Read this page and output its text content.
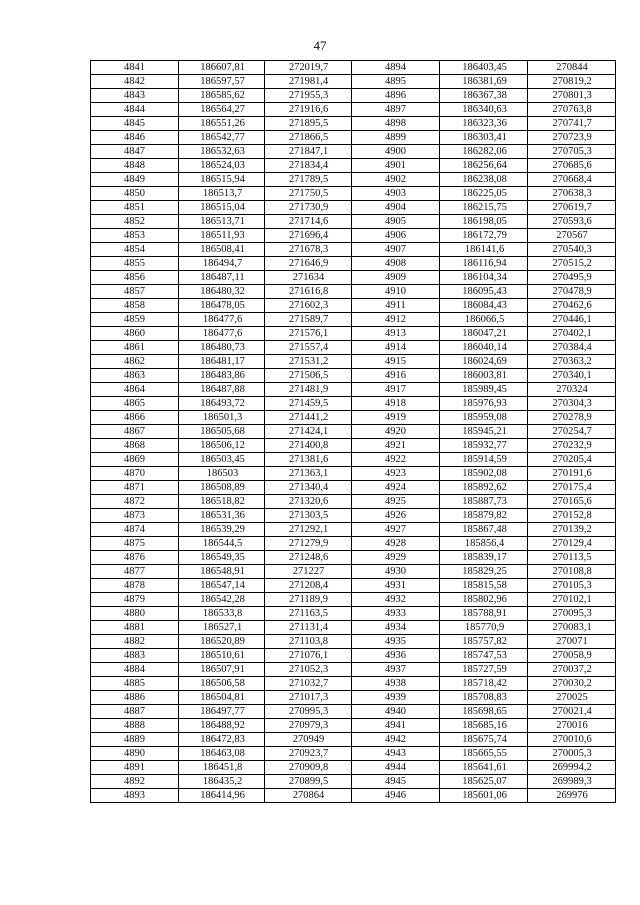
47
4841	186607,81	272019,7	4894	186403,45	270844
4842	186597,57	271981,4	4895	186381,69	270819,2
4843	186585,62	271955,3	4896	186367,38	270801,3
4844	186564,27	271916,6	4897	186340,63	270763,8
4845	186551,26	271895,5	4898	186323,36	270741,7
4846	186542,77	271866,5	4899	186303,41	270723,9
4847	186532,63	271847,1	4900	186282,06	270705,3
4848	186524,03	271834,4	4901	186256,64	270685,6
4849	186515,94	271789,5	4902	186238,08	270668,4
4850	186513,7	271750,5	4903	186225,05	270638,3
4851	186515,04	271730,9	4904	186215,75	270619,7
4852	186513,71	271714,6	4905	186198,05	270593,6
4853	186511,93	271696,4	4906	186172,79	270567
4854	186508,41	271678,3	4907	186141,6	270540,3
4855	186494,7	271646,9	4908	186116,94	270515,2
4856	186487,11	271634	4909	186104,34	270495,9
4857	186480,32	271616,8	4910	186095,43	270478,9
4858	186478,05	271602,3	4911	186084,43	270462,6
4859	186477,6	271589,7	4912	186066,5	270446,1
4860	186477,6	271576,1	4913	186047,21	270402,1
4861	186480,73	271557,4	4914	186040,14	270384,4
4862	186481,17	271531,2	4915	186024,69	270363,2
4863	186483,86	271506,5	4916	186003,81	270340,1
4864	186487,88	271481,9	4917	185989,45	270324
4865	186493,72	271459,5	4918	185976,93	270304,3
4866	186501,3	271441,2	4919	185959,08	270278,9
4867	186505,68	271424,1	4920	185945,21	270254,7
4868	186506,12	271400,8	4921	185932,77	270232,9
4869	186503,45	271381,6	4922	185914,59	270205,4
4870	186503	271363,1	4923	185902,08	270191,6
4871	186508,89	271340,4	4924	185892,62	270175,4
4872	186518,82	271320,6	4925	185887,73	270165,6
4873	186531,36	271303,5	4926	185879,82	270152,8
4874	186539,29	271292,1	4927	185867,48	270139,2
4875	186544,5	271279,9	4928	185856,4	270129,4
4876	186549,35	271248,6	4929	185839,17	270113,5
4877	186548,91	271227	4930	185829,25	270108,8
4878	186547,14	271208,4	4931	185815,58	270105,3
4879	186542,28	271189,9	4932	185802,96	270102,1
4880	186533,8	271163,5	4933	185788,91	270095,3
4881	186527,1	271131,4	4934	185770,9	270083,1
4882	186520,89	271103,8	4935	185757,82	270071
4883	186510,61	271076,1	4936	185747,53	270058,9
4884	186507,91	271052,3	4937	185727,59	270037,2
4885	186506,58	271032,7	4938	185718,42	270030,2
4886	186504,81	271017,3	4939	185708,83	270025
4887	186497,77	270995,3	4940	185698,65	270021,4
4888	186488,92	270979,3	4941	185685,16	270016
4889	186472,83	270949	4942	185675,74	270010,6
4890	186463,08	270923,7	4943	185665,55	270005,3
4891	186451,8	270909,8	4944	185641,61	269994,2
4892	186435,2	270899,5	4945	185625,07	269989,3
4893	186414,96	270864	4946	185601,06	269976
